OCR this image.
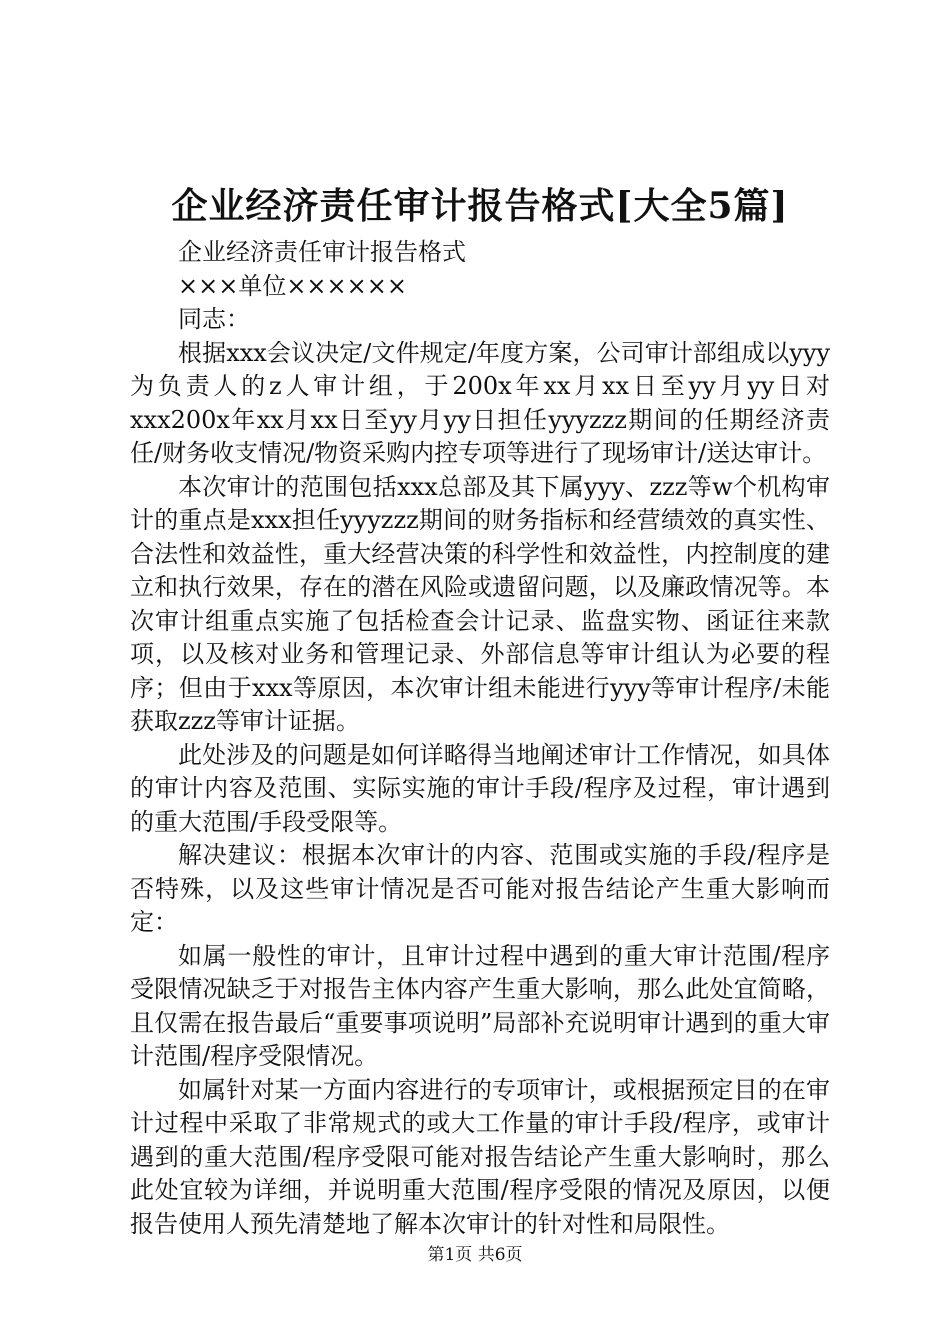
企业经济责任审计报告格式[大全5篇]

企业经济责任审计报告格式

×××单位××××××

同志：

根据xxx会议决定/文件规定/年度方案，公司审计部组成以yyy为负责人的z人审计组，于200x年xx月xx日至yy月yy日对xxx200x年xx月xx日至yy月yy日担任yyyzzz期间的任期经济责任/财务收支情况/物资采购内控专项等进行了现场审计/送达审计。

本次审计的范围包括xxx总部及其下属yyy、zzz等w个机构审计的重点是xxx担任yyyzzz期间的财务指标和经营绩效的真实性、合法性和效益性，重大经营决策的科学性和效益性，内控制度的建立和执行效果，存在的潜在风险或遗留问题，以及廉政情况等。本次审计组重点实施了包括检查会计记录、监盘实物、函证往来款项，以及核对业务和管理记录、外部信息等审计组认为必要的程序；但由于xxx等原因，本次审计组未能进行yyy等审计程序/未能获取zzz等审计证据。

此处涉及的问题是如何详略得当地阐述审计工作情况，如具体的审计内容及范围、实际实施的审计手段/程序及过程，审计遇到的重大范围/手段受限等。

解决建议：根据本次审计的内容、范围或实施的手段/程序是否特殊，以及这些审计情况是否可能对报告结论产生重大影响而定：

如属一般性的审计，且审计过程中遇到的重大审计范围/程序受限情况缺乏于对报告主体内容产生重大影响，那么此处宜简略，且仅需在报告最后“重要事项说明”局部补充说明审计遇到的重大审计范围/程序受限情况。

如属针对某一方面内容进行的专项审计，或根据预定目的在审计过程中采取了非常规式的或大工作量的审计手段/程序，或审计遇到的重大范围/程序受限可能对报告结论产生重大影响时，那么此处宜较为详细，并说明重大范围/程序受限的情况及原因，以便报告使用人预先清楚地了解本次审计的针对性和局限性。

第1页 共6页
